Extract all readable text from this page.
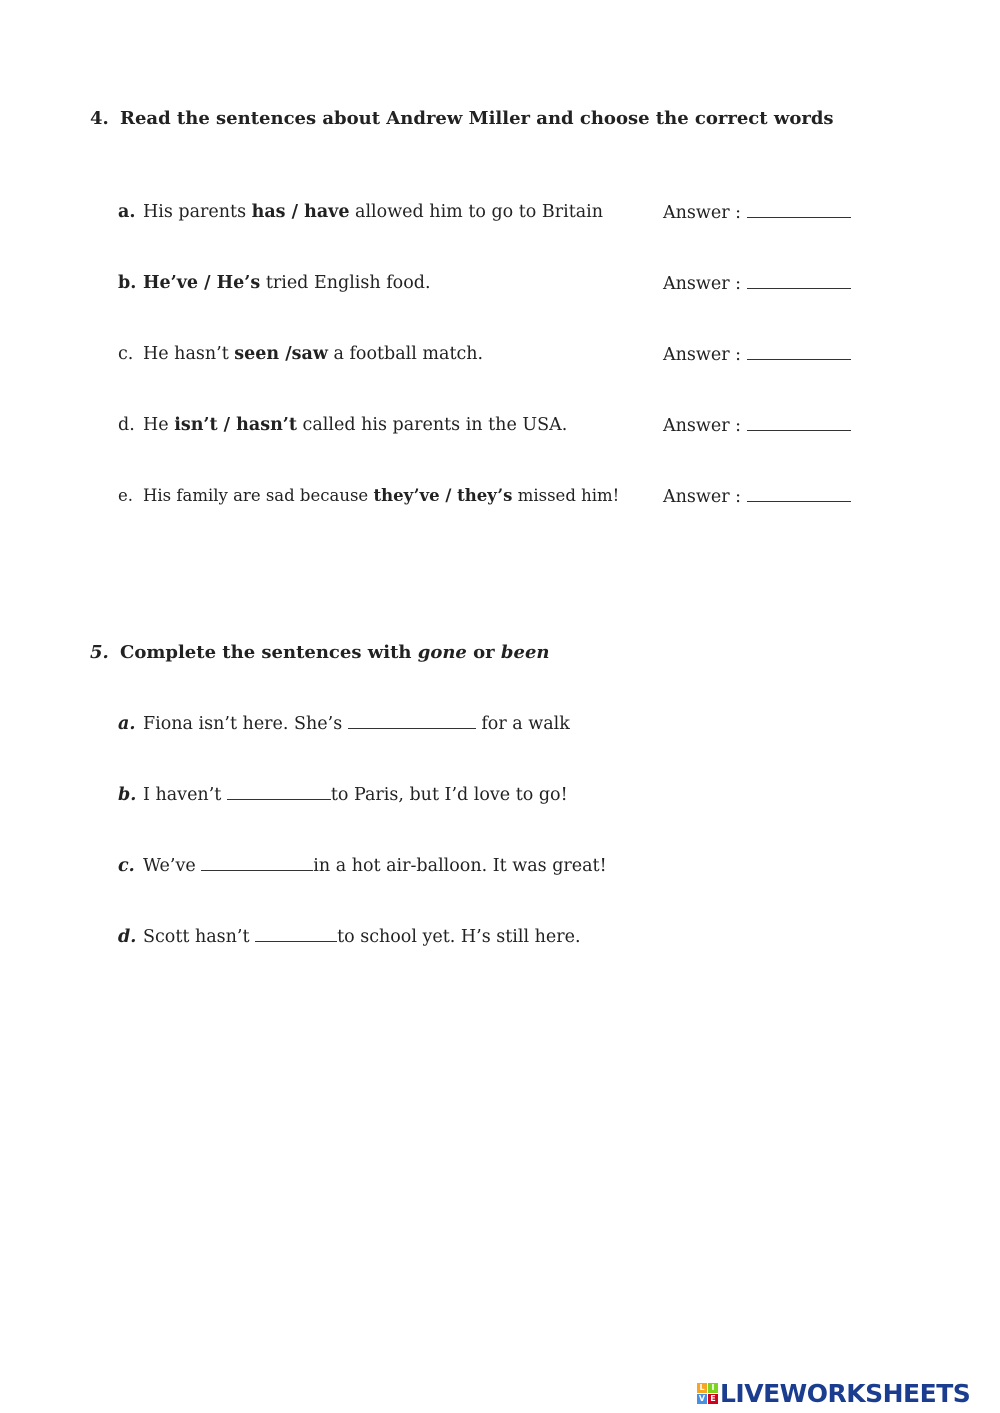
4. Read the sentences about Andrew Miller and choose the correct words
a. His parents has / have allowed him to go to Britain	Answer :
b. He’ve / He’s tried English food.	Answer :
c. He hasn’t seen /saw a football match.	Answer :
d. He isn’t / hasn’t called his parents in the USA.	Answer :
e. His family are sad because they’ve / they’s missed him! Answer :
5. Complete the sentences with gone or been
a. Fiona isn’t here. She’s	for a walk
b. I haven’t	to Paris, but I’d love to go!
c. We’ve	in a hot air-balloon. It was great!
d. Scott hasn’t	to school yet. H’s still here.
L I
V E LIVEWORKSHEETS
